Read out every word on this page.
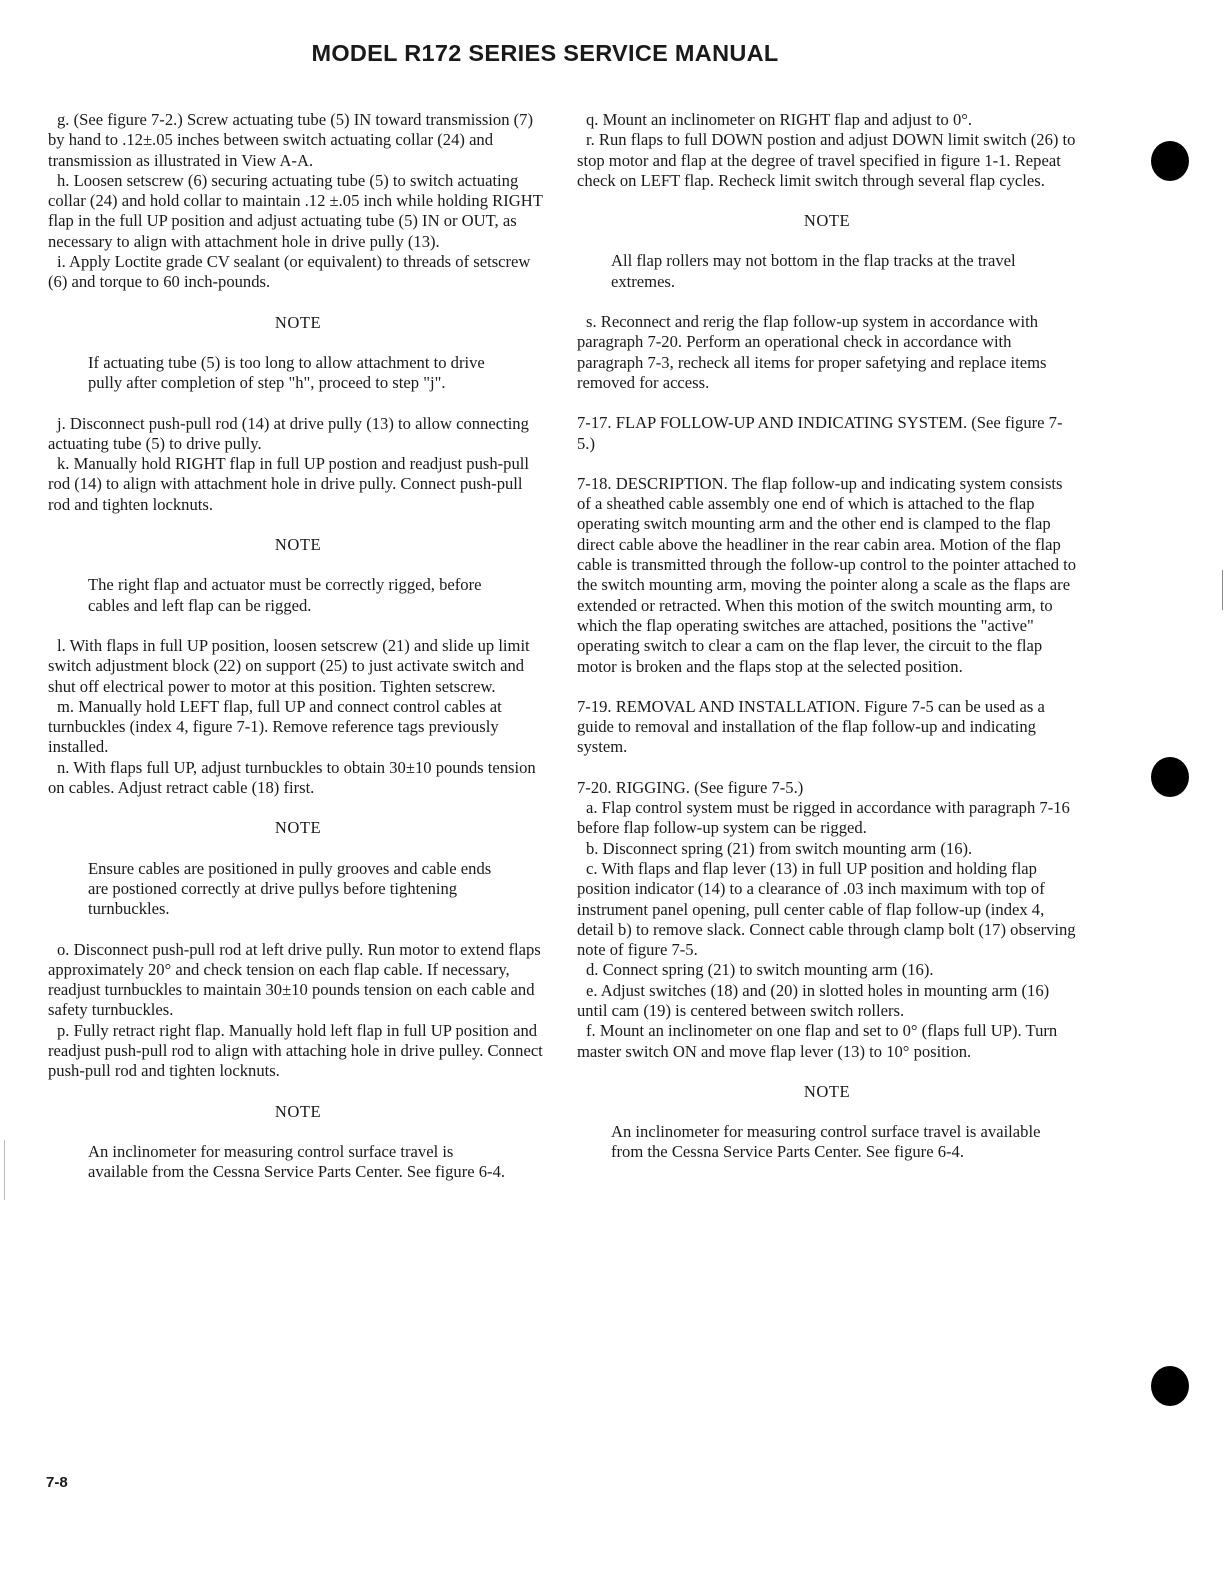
MODEL R172 SERIES SERVICE MANUAL

g. (See figure 7-2.) Screw actuating tube (5) IN toward transmission (7) by hand to .12±.05 inches between switch actuating collar (24) and transmission as illustrated in View A-A.

h. Loosen setscrew (6) securing actuating tube (5) to switch actuating collar (24) and hold collar to maintain .12 ±.05 inch while holding RIGHT flap in the full UP position and adjust actuating tube (5) IN or OUT, as necessary to align with attachment hole in drive pully (13).

i. Apply Loctite grade CV sealant (or equivalent) to threads of setscrew (6) and torque to 60 inch-pounds.

NOTE

If actuating tube (5) is too long to allow attachment to drive pully after completion of step "h", proceed to step "j".

j. Disconnect push-pull rod (14) at drive pully (13) to allow connecting actuating tube (5) to drive pully.

k. Manually hold RIGHT flap in full UP postion and readjust push-pull rod (14) to align with attachment hole in drive pully. Connect push-pull rod and tighten locknuts.

NOTE

The right flap and actuator must be correctly rigged, before cables and left flap can be rigged.

l. With flaps in full UP position, loosen setscrew (21) and slide up limit switch adjustment block (22) on support (25) to just activate switch and shut off electrical power to motor at this position. Tighten setscrew.

m. Manually hold LEFT flap, full UP and connect control cables at turnbuckles (index 4, figure 7-1). Remove reference tags previously installed.

n. With flaps full UP, adjust turnbuckles to obtain 30±10 pounds tension on cables. Adjust retract cable (18) first.

NOTE

Ensure cables are positioned in pully grooves and cable ends are postioned correctly at drive pullys before tightening turnbuckles.

o. Disconnect push-pull rod at left drive pully. Run motor to extend flaps approximately 20° and check tension on each flap cable. If necessary, readjust turnbuckles to maintain 30±10 pounds tension on each cable and safety turnbuckles.

p. Fully retract right flap. Manually hold left flap in full UP position and readjust push-pull rod to align with attaching hole in drive pulley. Connect push-pull rod and tighten locknuts.

NOTE

An inclinometer for measuring control surface travel is available from the Cessna Service Parts Center. See figure 6-4.

q. Mount an inclinometer on RIGHT flap and adjust to 0°.

r. Run flaps to full DOWN postion and adjust DOWN limit switch (26) to stop motor and flap at the degree of travel specified in figure 1-1. Repeat check on LEFT flap. Recheck limit switch through several flap cycles.

NOTE

All flap rollers may not bottom in the flap tracks at the travel extremes.

s. Reconnect and rerig the flap follow-up system in accordance with paragraph 7-20. Perform an operational check in accordance with paragraph 7-3, recheck all items for proper safetying and replace items removed for access.

7-17. FLAP FOLLOW-UP AND INDICATING SYSTEM. (See figure 7-5.)

7-18. DESCRIPTION. The flap follow-up and indicating system consists of a sheathed cable assembly one end of which is attached to the flap operating switch mounting arm and the other end is clamped to the flap direct cable above the headliner in the rear cabin area. Motion of the flap cable is transmitted through the follow-up control to the pointer attached to the switch mounting arm, moving the pointer along a scale as the flaps are extended or retracted. When this motion of the switch mounting arm, to which the flap operating switches are attached, positions the "active" operating switch to clear a cam on the flap lever, the circuit to the flap motor is broken and the flaps stop at the selected position.

7-19. REMOVAL AND INSTALLATION. Figure 7-5 can be used as a guide to removal and installation of the flap follow-up and indicating system.

7-20. RIGGING. (See figure 7-5.)

a. Flap control system must be rigged in accordance with paragraph 7-16 before flap follow-up system can be rigged.

b. Disconnect spring (21) from switch mounting arm (16).

c. With flaps and flap lever (13) in full UP position and holding flap position indicator (14) to a clearance of .03 inch maximum with top of instrument panel opening, pull center cable of flap follow-up (index 4, detail b) to remove slack. Connect cable through clamp bolt (17) observing note of figure 7-5.

d. Connect spring (21) to switch mounting arm (16).

e. Adjust switches (18) and (20) in slotted holes in mounting arm (16) until cam (19) is centered between switch rollers.

f. Mount an inclinometer on one flap and set to 0° (flaps full UP). Turn master switch ON and move flap lever (13) to 10° position.

NOTE

An inclinometer for measuring control surface travel is available from the Cessna Service Parts Center. See figure 6-4.

7-8
